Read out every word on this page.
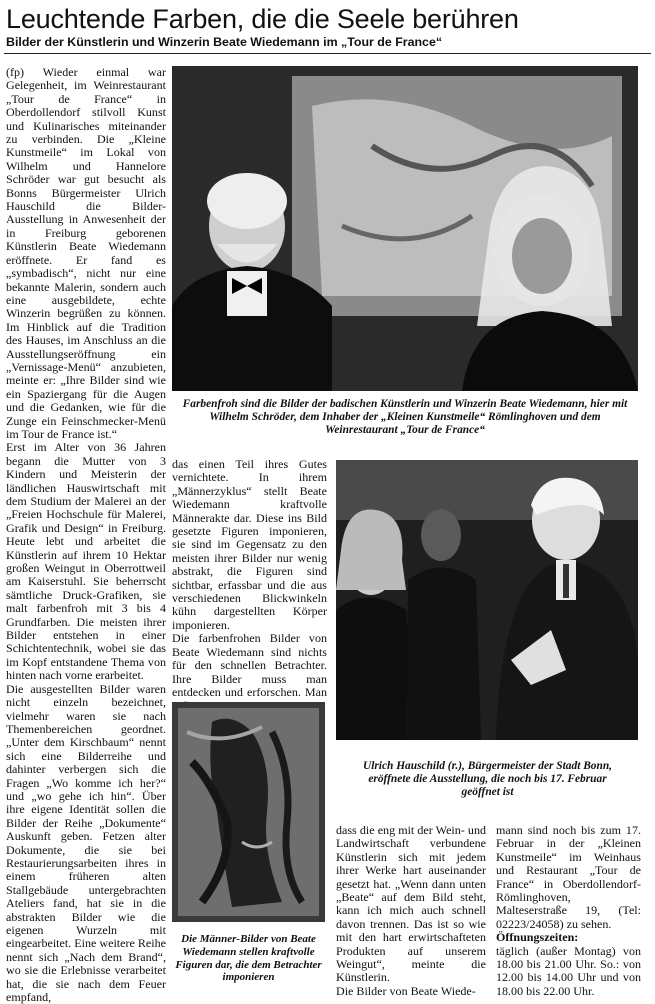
Leuchtende Farben, die die Seele berühren
Bilder der Künstlerin und Winzerin Beate Wiedemann im „Tour de France“

(fp) Wieder einmal war Gelegenheit, im Weinrestaurant „Tour de France“ in Oberdollendorf stilvoll Kunst und Kulinarisches miteinander zu verbinden. Die „Kleine Kunstmeile“ im Lokal von Wilhelm und Hannelore Schröder war gut besucht als Bonns Bürgermeister Ulrich Hauschild die Bilder-Ausstellung in Anwesenheit der in Freiburg geborenen Künstlerin Beate Wiedemann eröffnete. Er fand es „symbadisch“, nicht nur eine bekannte Malerin, sondern auch eine ausgebildete, echte Winzerin begrüßen zu können. Im Hinblick auf die Tradition des Hauses, im Anschluss an die Ausstellungseröffnung ein „Vernissage-Menü“ anzubieten, meinte er: „Ihre Bilder sind wie ein Spaziergang für die Augen und die Gedanken, wie für die Zunge ein Feinschmecker-Menü im Tour de France ist.“

Erst im Alter von 36 Jahren begann die Mutter von 3 Kindern und Meisterin der ländlichen Hauswirtschaft mit dem Studium der Malerei an der „Freien Hochschule für Malerei, Grafik und Design“ in Freiburg. Heute lebt und arbeitet die Künstlerin auf ihrem 10 Hektar großen Weingut in Oberrottweil am Kaiserstuhl. Sie beherrscht sämtliche Druck-Grafiken, sie malt farbenfroh mit 3 bis 4 Grundfarben. Die meisten ihrer Bilder entstehen in einer Schichtentechnik, wobei sie das im Kopf entstandene Thema von hinten nach vorne erarbeitet.

Die ausgestellten Bilder waren nicht einzeln bezeichnet, vielmehr waren sie nach Themenbereichen geordnet. „Unter dem Kirschbaum“ nennt sich eine Bilderreihe und dahinter verbergen sich die Fragen „Wo komme ich her?“ und „wo gehe ich hin“. Über ihre eigene Identität sollen die Bilder der Reihe „Dokumente“ Auskunft geben. Fetzen alter Dokumente, die sie bei Restaurierungsarbeiten ihres in einem früheren alten Stallgebäude untergebrachten Ateliers fand, hat sie in die abstrakten Bilder wie die eigenen Wurzeln mit eingearbeitet. Eine weitere Reihe nennt sich „Nach dem Brand“, wo sie die Erlebnisse verarbeitet hat, die sie nach dem Feuer empfand,

Farbenfroh sind die Bilder der badischen Künstlerin und Winzerin Beate Wiedemann, hier mit Wilhelm Schröder, dem Inhaber der „Kleinen Kunstmeile“ Römlinghoven und dem Weinrestaurant „Tour de France“

das einen Teil ihres Gutes vernichtete. In ihrem „Männerzyklus“ stellt Beate Wiedemann kraftvolle Männerakte dar. Diese ins Bild gesetzte Figuren imponieren, sie sind im Gegensatz zu den meisten ihrer Bilder nur wenig abstrakt, die Figuren sind sichtbar, erfassbar und die aus verschiedenen Blickwinkeln kühn dargestellten Körper imponieren.

Die farbenfrohen Bilder von Beate Wiedemann sind nichts für den schnellen Betrachter. Ihre Bilder muss man entdecken und erforschen. Man

Ulrich Hauschild (r.), Bürgermeister der Stadt Bonn, eröffnete die Ausstellung, die noch bis 17. Februar geöffnet ist
Die Männer-Bilder von Beate Wiedemann stellen kraftvolle Figuren dar, die dem Betrachter imponieren

dass die eng mit der Wein- und Landwirtschaft verbundene Künstlerin sich mit jedem ihrer Werke hart auseinander gesetzt hat. „Wenn dann unten „Beate“ auf dem Bild steht, kann ich mich auch schnell davon trennen. Das ist so wie mit den hart erwirtschafteten Produkten auf unserem Weingut“, meinte die Künstlerin.

Die Bilder von Beate Wiede-

mann sind noch bis zum 17. Februar in der „Kleinen Kunstmeile“ im Weinhaus und Restaurant „Tour de France“ in Oberdollendorf-Römlinghoven, Malteserstraße 19, (Tel: 02223/24058) zu sehen.

Öffnungszeiten:

täglich (außer Montag) von 18.00 bis 21.00 Uhr. So.: von 12.00 bis 14.00 Uhr und von 18.00 bis 22.00 Uhr.
